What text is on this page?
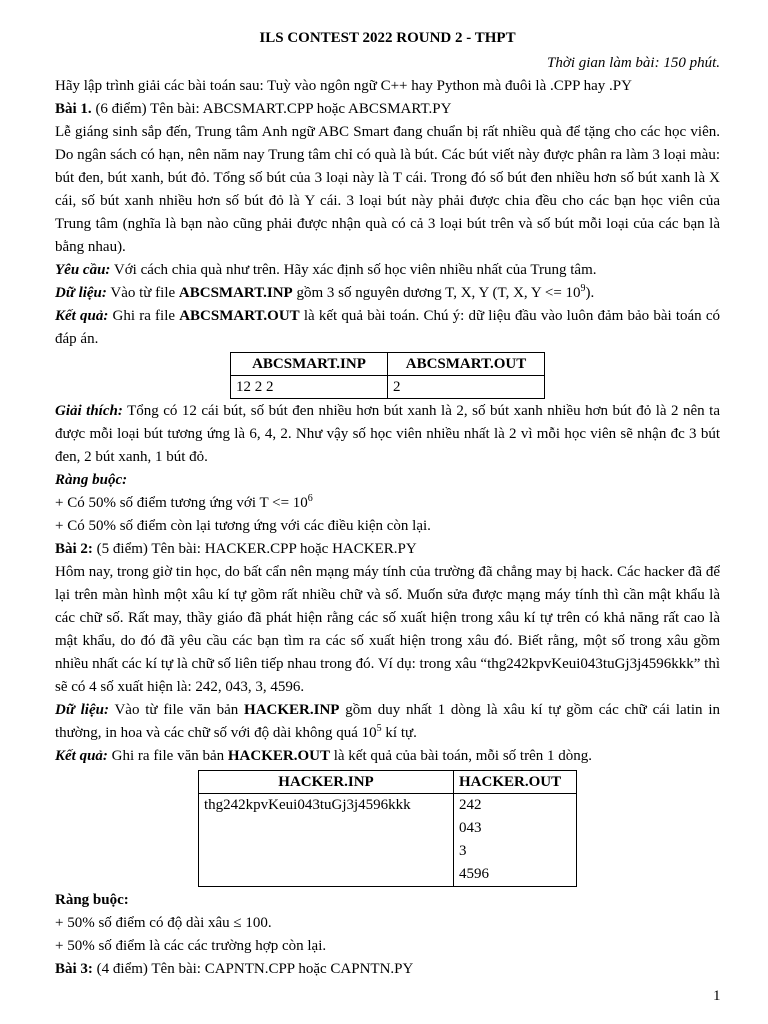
ILS CONTEST 2022 ROUND 2 - THPT
Thời gian làm bài: 150 phút.

Hãy lập trình giải các bài toán sau: Tuỳ vào ngôn ngữ C++ hay Python mà đuôi là .CPP hay .PY

Bài 1. (6 điểm) Tên bài: ABCSMART.CPP hoặc ABCSMART.PY

Lễ giáng sinh sắp đến, Trung tâm Anh ngữ ABC Smart đang chuẩn bị rất nhiều quà để tặng cho các học viên. Do ngân sách có hạn, nên năm nay Trung tâm chỉ có quà là bút. Các bút viết này được phân ra làm 3 loại màu: bút đen, bút xanh, bút đỏ. Tổng số bút của 3 loại này là T cái. Trong đó số bút đen nhiều hơn số bút xanh là X cái, số bút xanh nhiều hơn số bút đỏ là Y cái. 3 loại bút này phải được chia đều cho các bạn học viên của Trung tâm (nghĩa là bạn nào cũng phải được nhận quà có cả 3 loại bút trên và số bút mỗi loại của các bạn là bằng nhau).

Yêu cầu: Với cách chia quà như trên. Hãy xác định số học viên nhiều nhất của Trung tâm.

Dữ liệu: Vào từ file ABCSMART.INP gồm 3 số nguyên dương T, X, Y (T, X, $Y <= 10^9$).

Kết quả: Ghi ra file ABCSMART.OUT là kết quả bài toán. Chú ý: dữ liệu đầu vào luôn đảm bảo bài toán có đáp án.

ABCSMART.INP	ABCSMART.OUT
12 2 2	2

Giải thích: Tổng có 12 cái bút, số bút đen nhiều hơn bút xanh là 2, số bút xanh nhiều hơn bút đỏ là 2 nên ta được mỗi loại bút tương ứng là 6, 4, 2. Như vậy số học viên nhiều nhất là 2 vì mỗi học viên sẽ nhận đc 3 bút đen, 2 bút xanh, 1 bút đỏ.

Ràng buộc:

+ Có 50% số điểm tương ứng với $T <= 10^6$

+ Có 50% số điểm còn lại tương ứng với các điều kiện còn lại.

Bài 2: (5 điểm) Tên bài: HACKER.CPP hoặc HACKER.PY

Hôm nay, trong giờ tin học, do bất cẩn nên mạng máy tính của trường đã chẳng may bị hack. Các hacker đã để lại trên màn hình một xâu kí tự gồm rất nhiều chữ và số. Muốn sửa được mạng máy tính thì cần mật khẩu là các chữ số. Rất may, thầy giáo đã phát hiện rằng các số xuất hiện trong xâu kí tự trên có khả năng rất cao là mật khẩu, do đó đã yêu cầu các bạn tìm ra các số xuất hiện trong xâu đó. Biết rằng, một số trong xâu gồm nhiều nhất các kí tự là chữ số liên tiếp nhau trong đó. Ví dụ: trong xâu “thg242kpvKeui043tuGj3j4596kkk” thì sẽ có 4 số xuất hiện là: 242, 043, 3, 4596.

Dữ liệu: Vào từ file văn bản HACKER.INP gồm duy nhất 1 dòng là xâu kí tự gồm các chữ cái latin in thường, in hoa và các chữ số với độ dài không quá $10^5$ kí tự.

Kết quả: Ghi ra file văn bản HACKER.OUT là kết quả của bài toán, mỗi số trên 1 dòng.

HACKER.INP	HACKER.OUT
thg242kpvKeui043tuGj3j4596kkk	242
043
3
4596

Ràng buộc:

+ 50% số điểm có độ dài xâu ≤ 100.

+ 50% số điểm là các các trường hợp còn lại.

Bài 3: (4 điểm) Tên bài: CAPNTN.CPP hoặc CAPNTN.PY

1
